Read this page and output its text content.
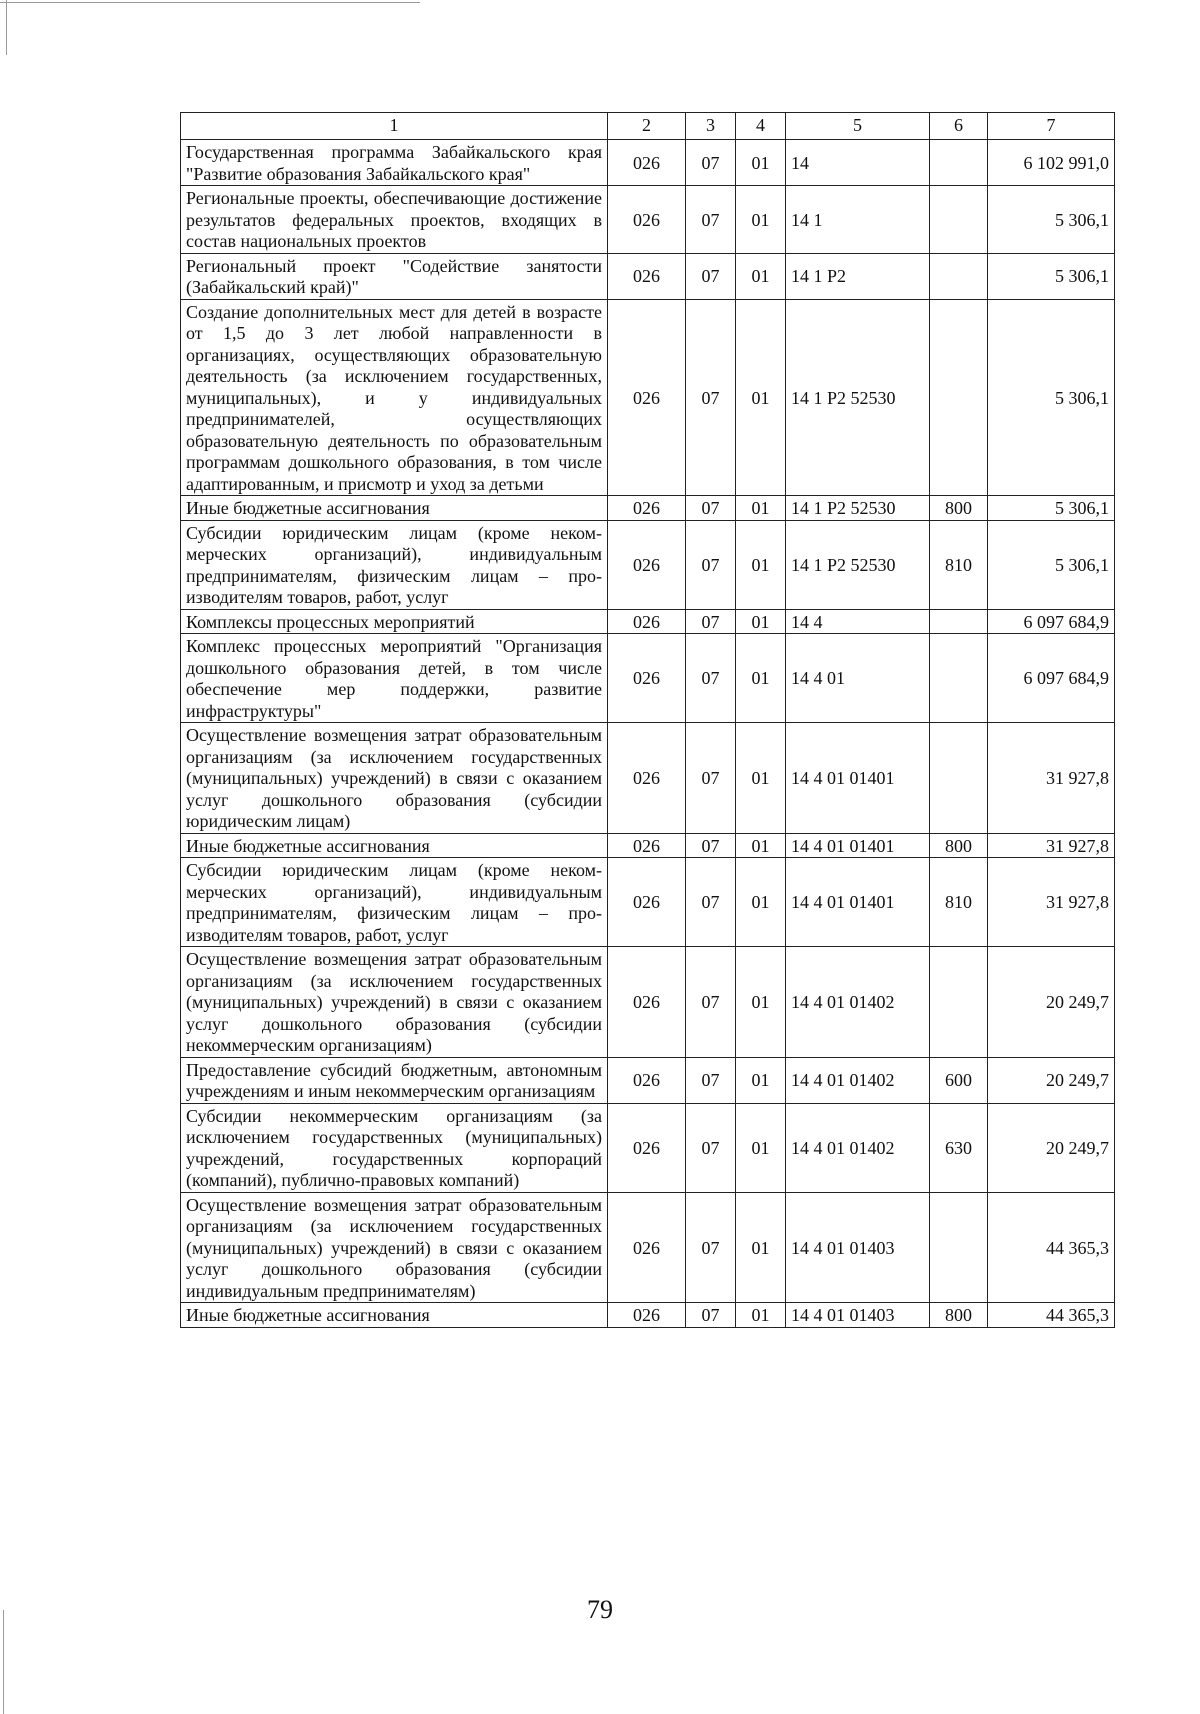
1	2	3	4	5	6	7
Государственная программа Забайкальского края "Развитие образования Забайкальского края"	026	07	01	14		6 102 991,0
Региональные проекты, обеспечивающие достижение результатов федеральных проектов, входящих в состав национальных проектов	026	07	01	14 1		5 306,1
Региональный проект "Содействие занятости (Забайкальский край)"	026	07	01	14 1 P2		5 306,1
Создание дополнительных мест для детей в возрасте от 1,5 до 3 лет любой направленности в организациях, осуществляющих образовательную деятельность (за исключением государственных, муниципальных), и у индивидуальных предпринимателей, осуществляющих образовательную деятельность по образовательным программам дошкольного образования, в том числе адаптированным, и присмотр и уход за детьми	026	07	01	14 1 P2 52530		5 306,1
Иные бюджетные ассигнования	026	07	01	14 1 P2 52530	800	5 306,1
Субсидии юридическим лицам (кроме некоммерческих организаций), индивидуальным предпринимателям, физическим лицам – производителям товаров, работ, услуг	026	07	01	14 1 P2 52530	810	5 306,1
Комплексы процессных мероприятий	026	07	01	14 4		6 097 684,9
Комплекс процессных мероприятий "Организация дошкольного образования детей, в том числе обеспечение мер поддержки, развитие инфраструктуры"	026	07	01	14 4 01		6 097 684,9
Осуществление возмещения затрат образовательным организациям (за исключением государственных (муниципальных) учреждений) в связи с оказанием услуг дошкольного образования (субсидии юридическим лицам)	026	07	01	14 4 01 01401		31 927,8
Иные бюджетные ассигнования	026	07	01	14 4 01 01401	800	31 927,8
Субсидии юридическим лицам (кроме некоммерческих организаций), индивидуальным предпринимателям, физическим лицам – производителям товаров, работ, услуг	026	07	01	14 4 01 01401	810	31 927,8
Осуществление возмещения затрат образовательным организациям (за исключением государственных (муниципальных) учреждений) в связи с оказанием услуг дошкольного образования (субсидии некоммерческим организациям)	026	07	01	14 4 01 01402		20 249,7
Предоставление субсидий бюджетным, автономным учреждениям и иным некоммерческим организациям	026	07	01	14 4 01 01402	600	20 249,7
Субсидии некоммерческим организациям (за исключением государственных (муниципальных) учреждений, государственных корпораций (компаний), публично-правовых компаний)	026	07	01	14 4 01 01402	630	20 249,7
Осуществление возмещения затрат образовательным организациям (за исключением государственных (муниципальных) учреждений) в связи с оказанием услуг дошкольного образования (субсидии индивидуальным предпринимателям)	026	07	01	14 4 01 01403		44 365,3
Иные бюджетные ассигнования	026	07	01	14 4 01 01403	800	44 365,3
79
